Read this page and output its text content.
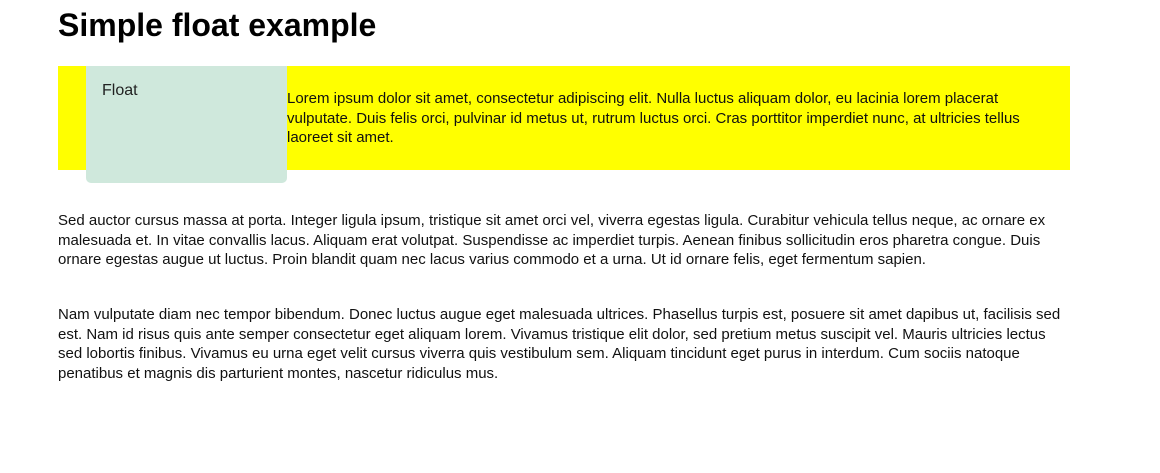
Simple float example
Float	Lorem ipsum dolor sit amet, consectetur adipiscing elit. Nulla luctus aliquam dolor, eu lacinia lorem placerat vulputate. Duis felis orci, pulvinar id metus ut, rutrum luctus orci. Cras porttitor imperdiet nunc, at ultricies tellus laoreet sit amet.

Sed auctor cursus massa at porta. Integer ligula ipsum, tristique sit amet orci vel, viverra egestas ligula. Curabitur vehicula tellus neque, ac ornare ex malesuada et. In vitae convallis lacus. Aliquam erat volutpat. Suspendisse ac imperdiet turpis. Aenean finibus sollicitudin eros pharetra congue. Duis ornare egestas augue ut luctus. Proin blandit quam nec lacus varius commodo et a urna. Ut id ornare felis, eget fermentum sapien.

Nam vulputate diam nec tempor bibendum. Donec luctus augue eget malesuada ultrices. Phasellus turpis est, posuere sit amet dapibus ut, facilisis sed est. Nam id risus quis ante semper consectetur eget aliquam lorem. Vivamus tristique elit dolor, sed pretium metus suscipit vel. Mauris ultricies lectus sed lobortis finibus. Vivamus eu urna eget velit cursus viverra quis vestibulum sem. Aliquam tincidunt eget purus in interdum. Cum sociis natoque penatibus et magnis dis parturient montes, nascetur ridiculus mus.
